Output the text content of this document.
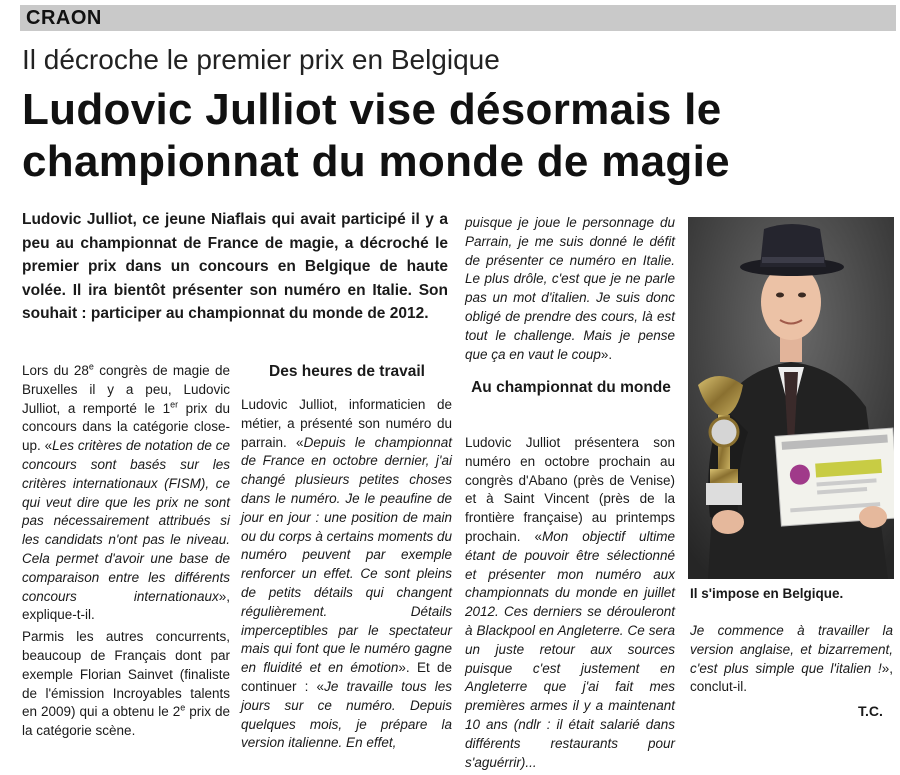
CRAON
Il décroche le premier prix en Belgique
Ludovic Julliot vise désormais le championnat du monde de magie
Ludovic Julliot, ce jeune Niaflais qui avait participé il y a peu au championnat de France de magie, a décroché le premier prix dans un concours en Belgique de haute volée. Il ira bientôt présenter son numéro en Italie. Son souhait : participer au championnat du monde de 2012.

Lors du 28e congrès de magie de Bruxelles il y a peu, Ludovic Julliot, a remporté le 1er prix du concours dans la catégorie close-up. «Les critères de notation de ce concours sont basés sur les critères internationaux (FISM), ce qui veut dire que les prix ne sont pas nécessairement attribués si les candidats n'ont pas le niveau. Cela permet d'avoir une base de comparaison entre les différents concours internationaux», explique-t-il.

Parmis les autres concurrents, beaucoup de Français dont par exemple Florian Sainvet (finaliste de l'émission Incroyables talents en 2009) qui a obtenu le 2e prix de la catégorie scène.

Des heures de travail

Ludovic Julliot, informaticien de métier, a présenté son numéro du parrain. «Depuis le championnat de France en octobre dernier, j'ai changé plusieurs petites choses dans le numéro. Je le peaufine de jour en jour : une position de main ou du corps à certains moments du numéro peuvent par exemple renforcer un effet. Ce sont pleins de petits détails qui changent régulièrement. Détails imperceptibles par le spectateur mais qui font que le numéro gagne en fluidité et en émotion». Et de continuer : «Je travaille tous les jours sur ce numéro. Depuis quelques mois, je prépare la version italienne. En effet,

puisque je joue le personnage du Parrain, je me suis donné le défit de présenter ce numéro en Italie. Le plus drôle, c'est que je ne parle pas un mot d'italien. Je suis donc obligé de prendre des cours, là est tout le challenge. Mais je pense que ça en vaut le coup».

Au championnat du monde

Ludovic Julliot présentera son numéro en octobre prochain au congrès d'Abano (près de Venise) et à Saint Vincent (près de la frontière française) au printemps prochain. «Mon objectif ultime étant de pouvoir être sélectionné et présenter mon numéro aux championnats du monde en juillet 2012. Ces derniers se dérouleront à Blackpool en Angleterre. Ce sera un juste retour aux sources puisque c'est justement en Angleterre que j'ai fait mes premières armes il y a maintenant 10 ans (ndlr : il était salarié dans différents restaurants pour s'aguérrir)...

Il s'impose en Belgique.

Je commence à travailler la version anglaise, et bizarrement, c'est plus simple que l'italien !», conclut-il.

T.C.
